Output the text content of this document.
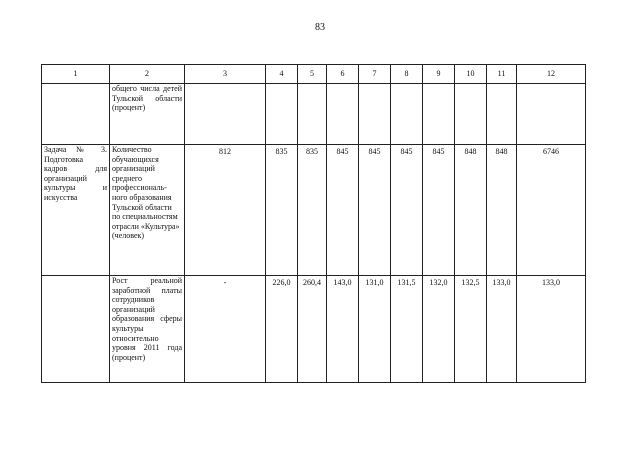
83
1	2	3	4	5	6	7	8	9	10	11	12
	общего числа детей Тульской области (процент)										
Задача № 3. Подготовка кадров для организаций культуры и искусства	Количество обучающихся организаций среднего профессиональ-ного образования Тульской области по специальностям отрасли «Культура» (человек)	812	835	835	845	845	845	845	848	848	6746
	Рост реальной заработной платы сотрудников организаций образования сферы культуры относительно уровня 2011 года (процент)	-	226,0	260,4	143,0	131,0	131,5	132,0	132,5	133,0	133,0
